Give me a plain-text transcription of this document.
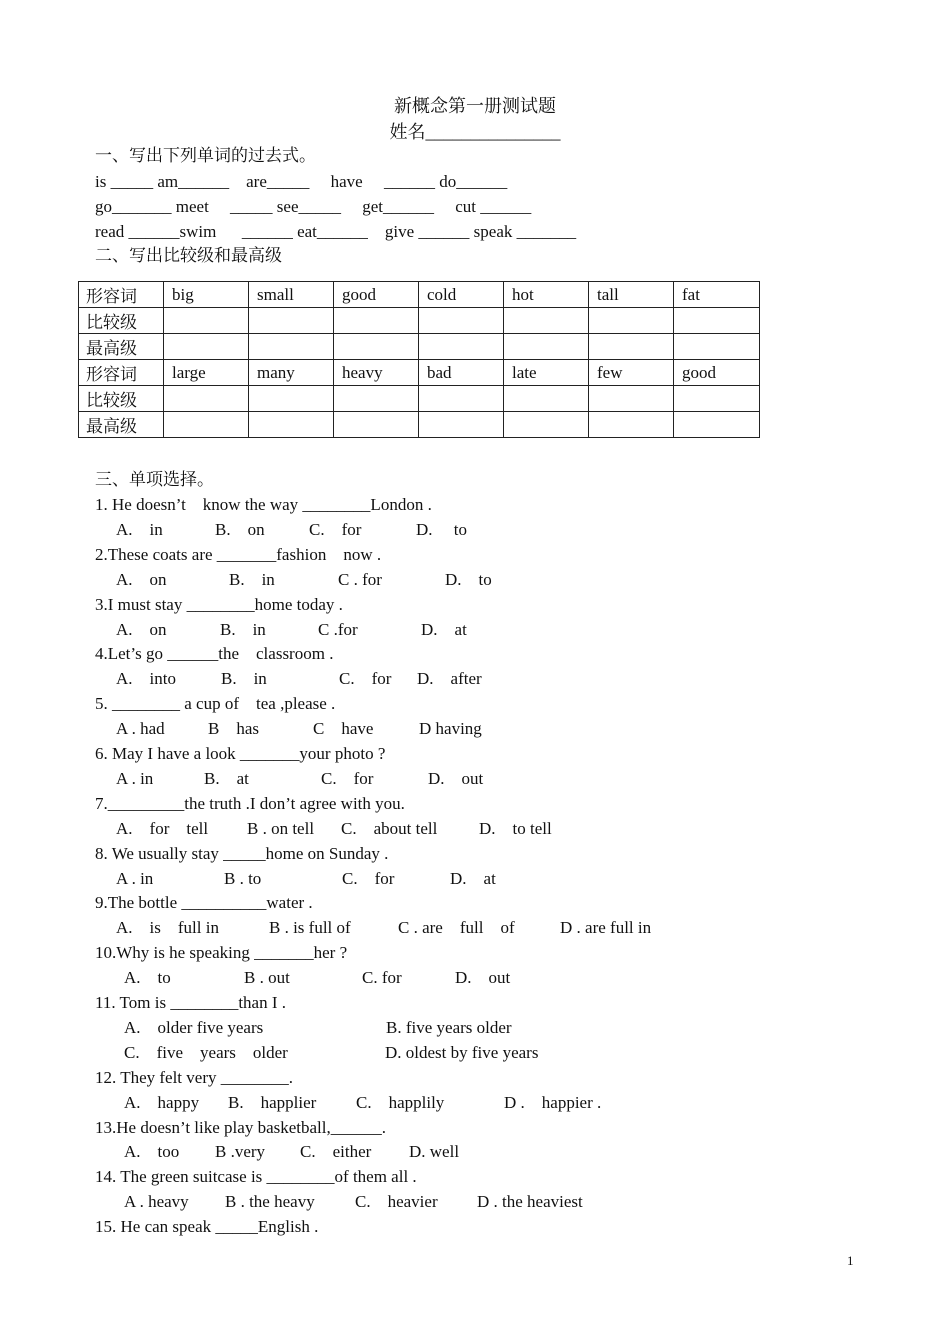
新概念第一册测试题
姓名_______________
一、写出下列单词的过去式。
is _____ am______    are_____     have     ______ do______
go_______ meet     _____ see_____     get______     cut ______
read ______swim      ______ eat______    give ______ speak _______
二、写出比较级和最高级
形容词	big	small	good	cold	hot	tall	fat
比较级							
最高级							
形容词	large	many	heavy	bad	late	few	good
比较级							
最高级							
三、单项选择。
1. He doesn’t    know the way ________London .
A.    in	B.    on	C.    for	D.     to
2.These coats are _______fashion    now .
A.    on	B.    in	C . for	D.    to
3.I must stay ________home today .
A.    on	B.    in	C .for	D.    at
4.Let’s go ______the    classroom .
A.    into	B.    in	C.    for D.    after
5. ________ a cup of    tea ,please .
A . had	B    has	C    have	D having
6. May I have a look _______your photo ?
A . in	B.    at	C.    for	D.    out
7._________the truth .I don’t agree with you.
A.    for    tell B . on tell C.    about tell D.    to tell
8. We usually stay _____home on Sunday .
A . in	B . to	C.    for	D.    at
9.The bottle __________water .
A.    is    full in	B . is full of	C . are    full    of	D . are full in
10.Why is he speaking _______her ?
A.    to	B . out	C. for	D.    out
11. Tom is ________than I .
A.    older five years	B. five years older
C.    five    years    older	D. oldest by five years
12. They felt very ________.
A.    happy B.    happlier C.    happlily	D .    happier .
13.He doesn’t like play basketball,______.
A.    too B .very C.    either D. well
14. The green suitcase is ________of them all .
A . heavy B . the heavy C.    heavier D . the heaviest
15. He can speak _____English .
1
